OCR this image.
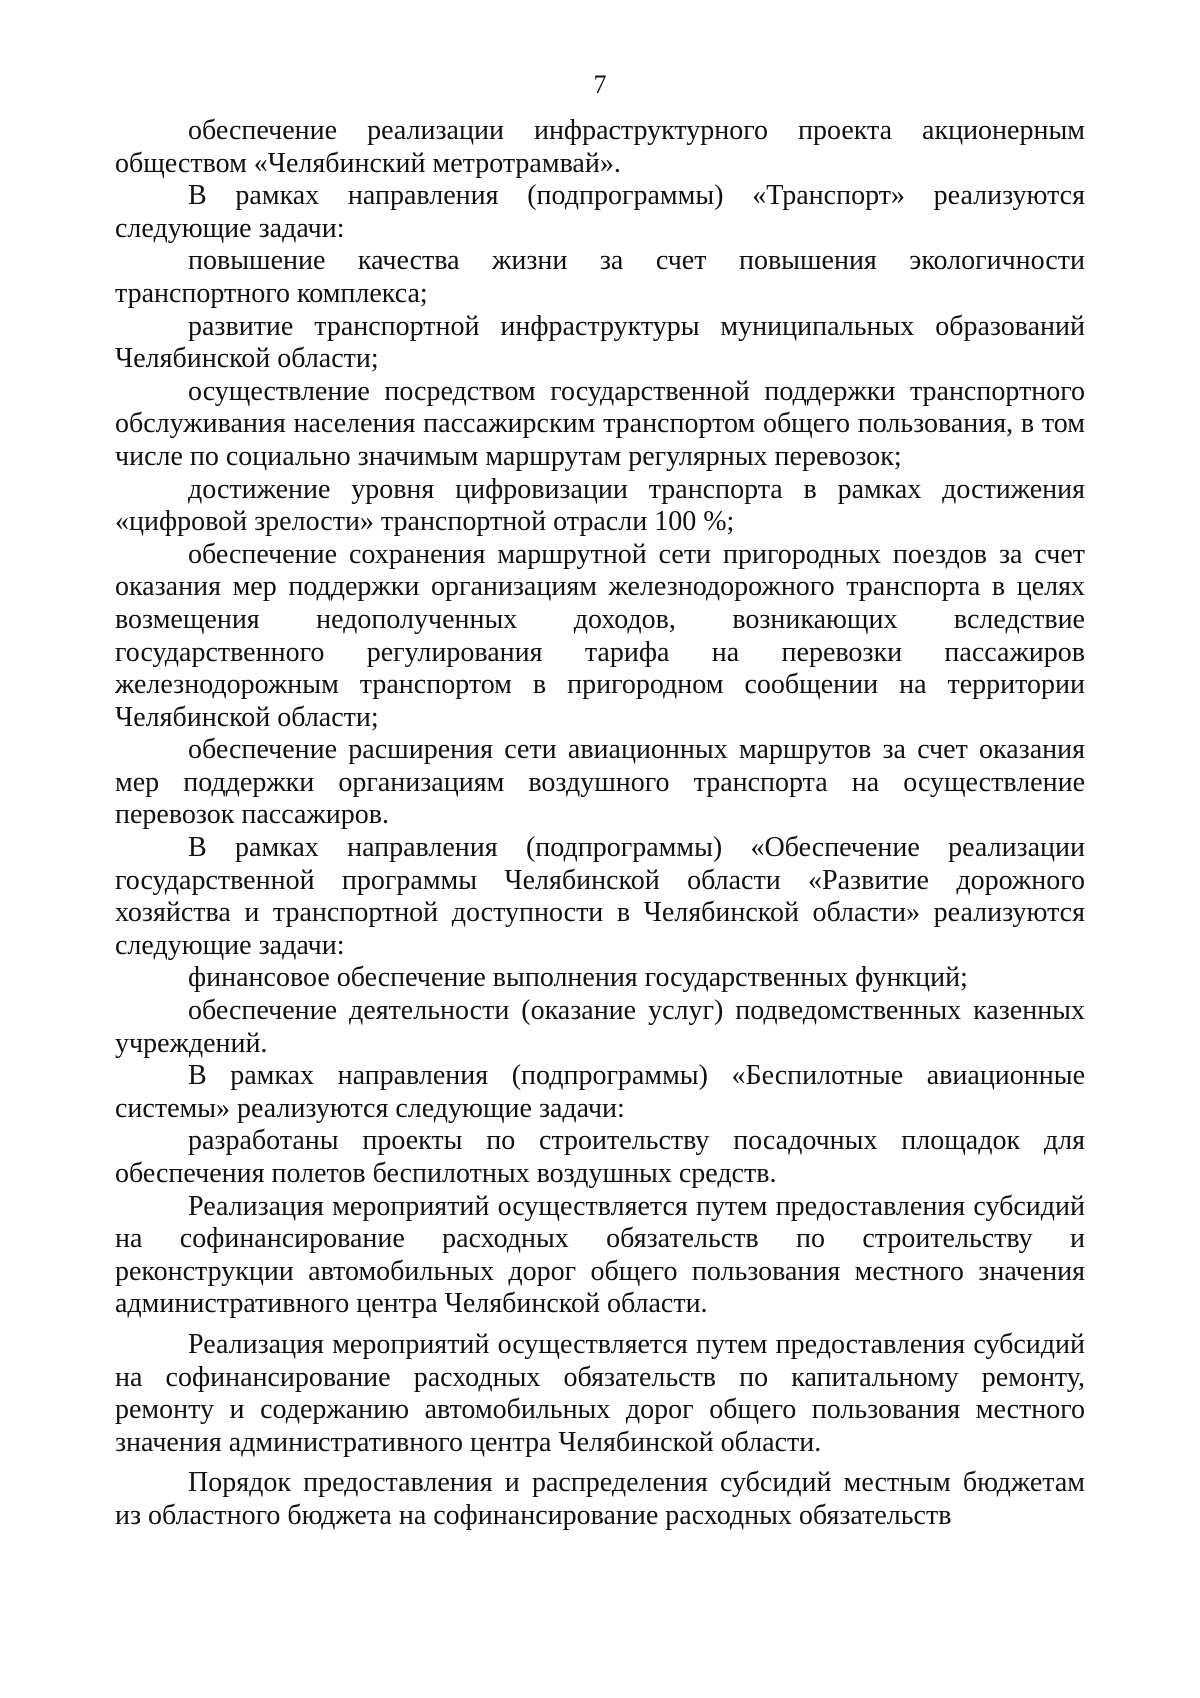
7

обеспечение реализации инфраструктурного проекта акционерным обществом «Челябинский метротрамвай».

В рамках направления (подпрограммы) «Транспорт» реализуются следующие задачи:

повышение качества жизни за счет повышения экологичности транспортного комплекса;

развитие транспортной инфраструктуры муниципальных образований Челябинской области;

осуществление посредством государственной поддержки транспортного обслуживания населения пассажирским транспортом общего пользования, в том числе по социально значимым маршрутам регулярных перевозок;

достижение уровня цифровизации транспорта в рамках достижения «цифровой зрелости» транспортной отрасли 100 %;

обеспечение сохранения маршрутной сети пригородных поездов за счет оказания мер поддержки организациям железнодорожного транспорта в целях возмещения недополученных доходов, возникающих вследствие государственного регулирования тарифа на перевозки пассажиров железнодорожным транспортом в пригородном сообщении на территории Челябинской области;

обеспечение расширения сети авиационных маршрутов за счет оказания мер поддержки организациям воздушного транспорта на осуществление перевозок пассажиров.

В рамках направления (подпрограммы) «Обеспечение реализации государственной программы Челябинской области «Развитие дорожного хозяйства и транспортной доступности в Челябинской области» реализуются следующие задачи:

финансовое обеспечение выполнения государственных функций;

обеспечение деятельности (оказание услуг) подведомственных казенных учреждений.

В рамках направления (подпрограммы) «Беспилотные авиационные системы» реализуются следующие задачи:

разработаны проекты по строительству посадочных площадок для обеспечения полетов беспилотных воздушных средств.

Реализация мероприятий осуществляется путем предоставления субсидий на софинансирование расходных обязательств по строительству и реконструкции автомобильных дорог общего пользования местного значения административного центра Челябинской области.

Реализация мероприятий осуществляется путем предоставления субсидий на софинансирование расходных обязательств по капитальному ремонту, ремонту и содержанию автомобильных дорог общего пользования местного значения административного центра Челябинской области.

Порядок предоставления и распределения субсидий местным бюджетам из областного бюджета на софинансирование расходных обязательств
